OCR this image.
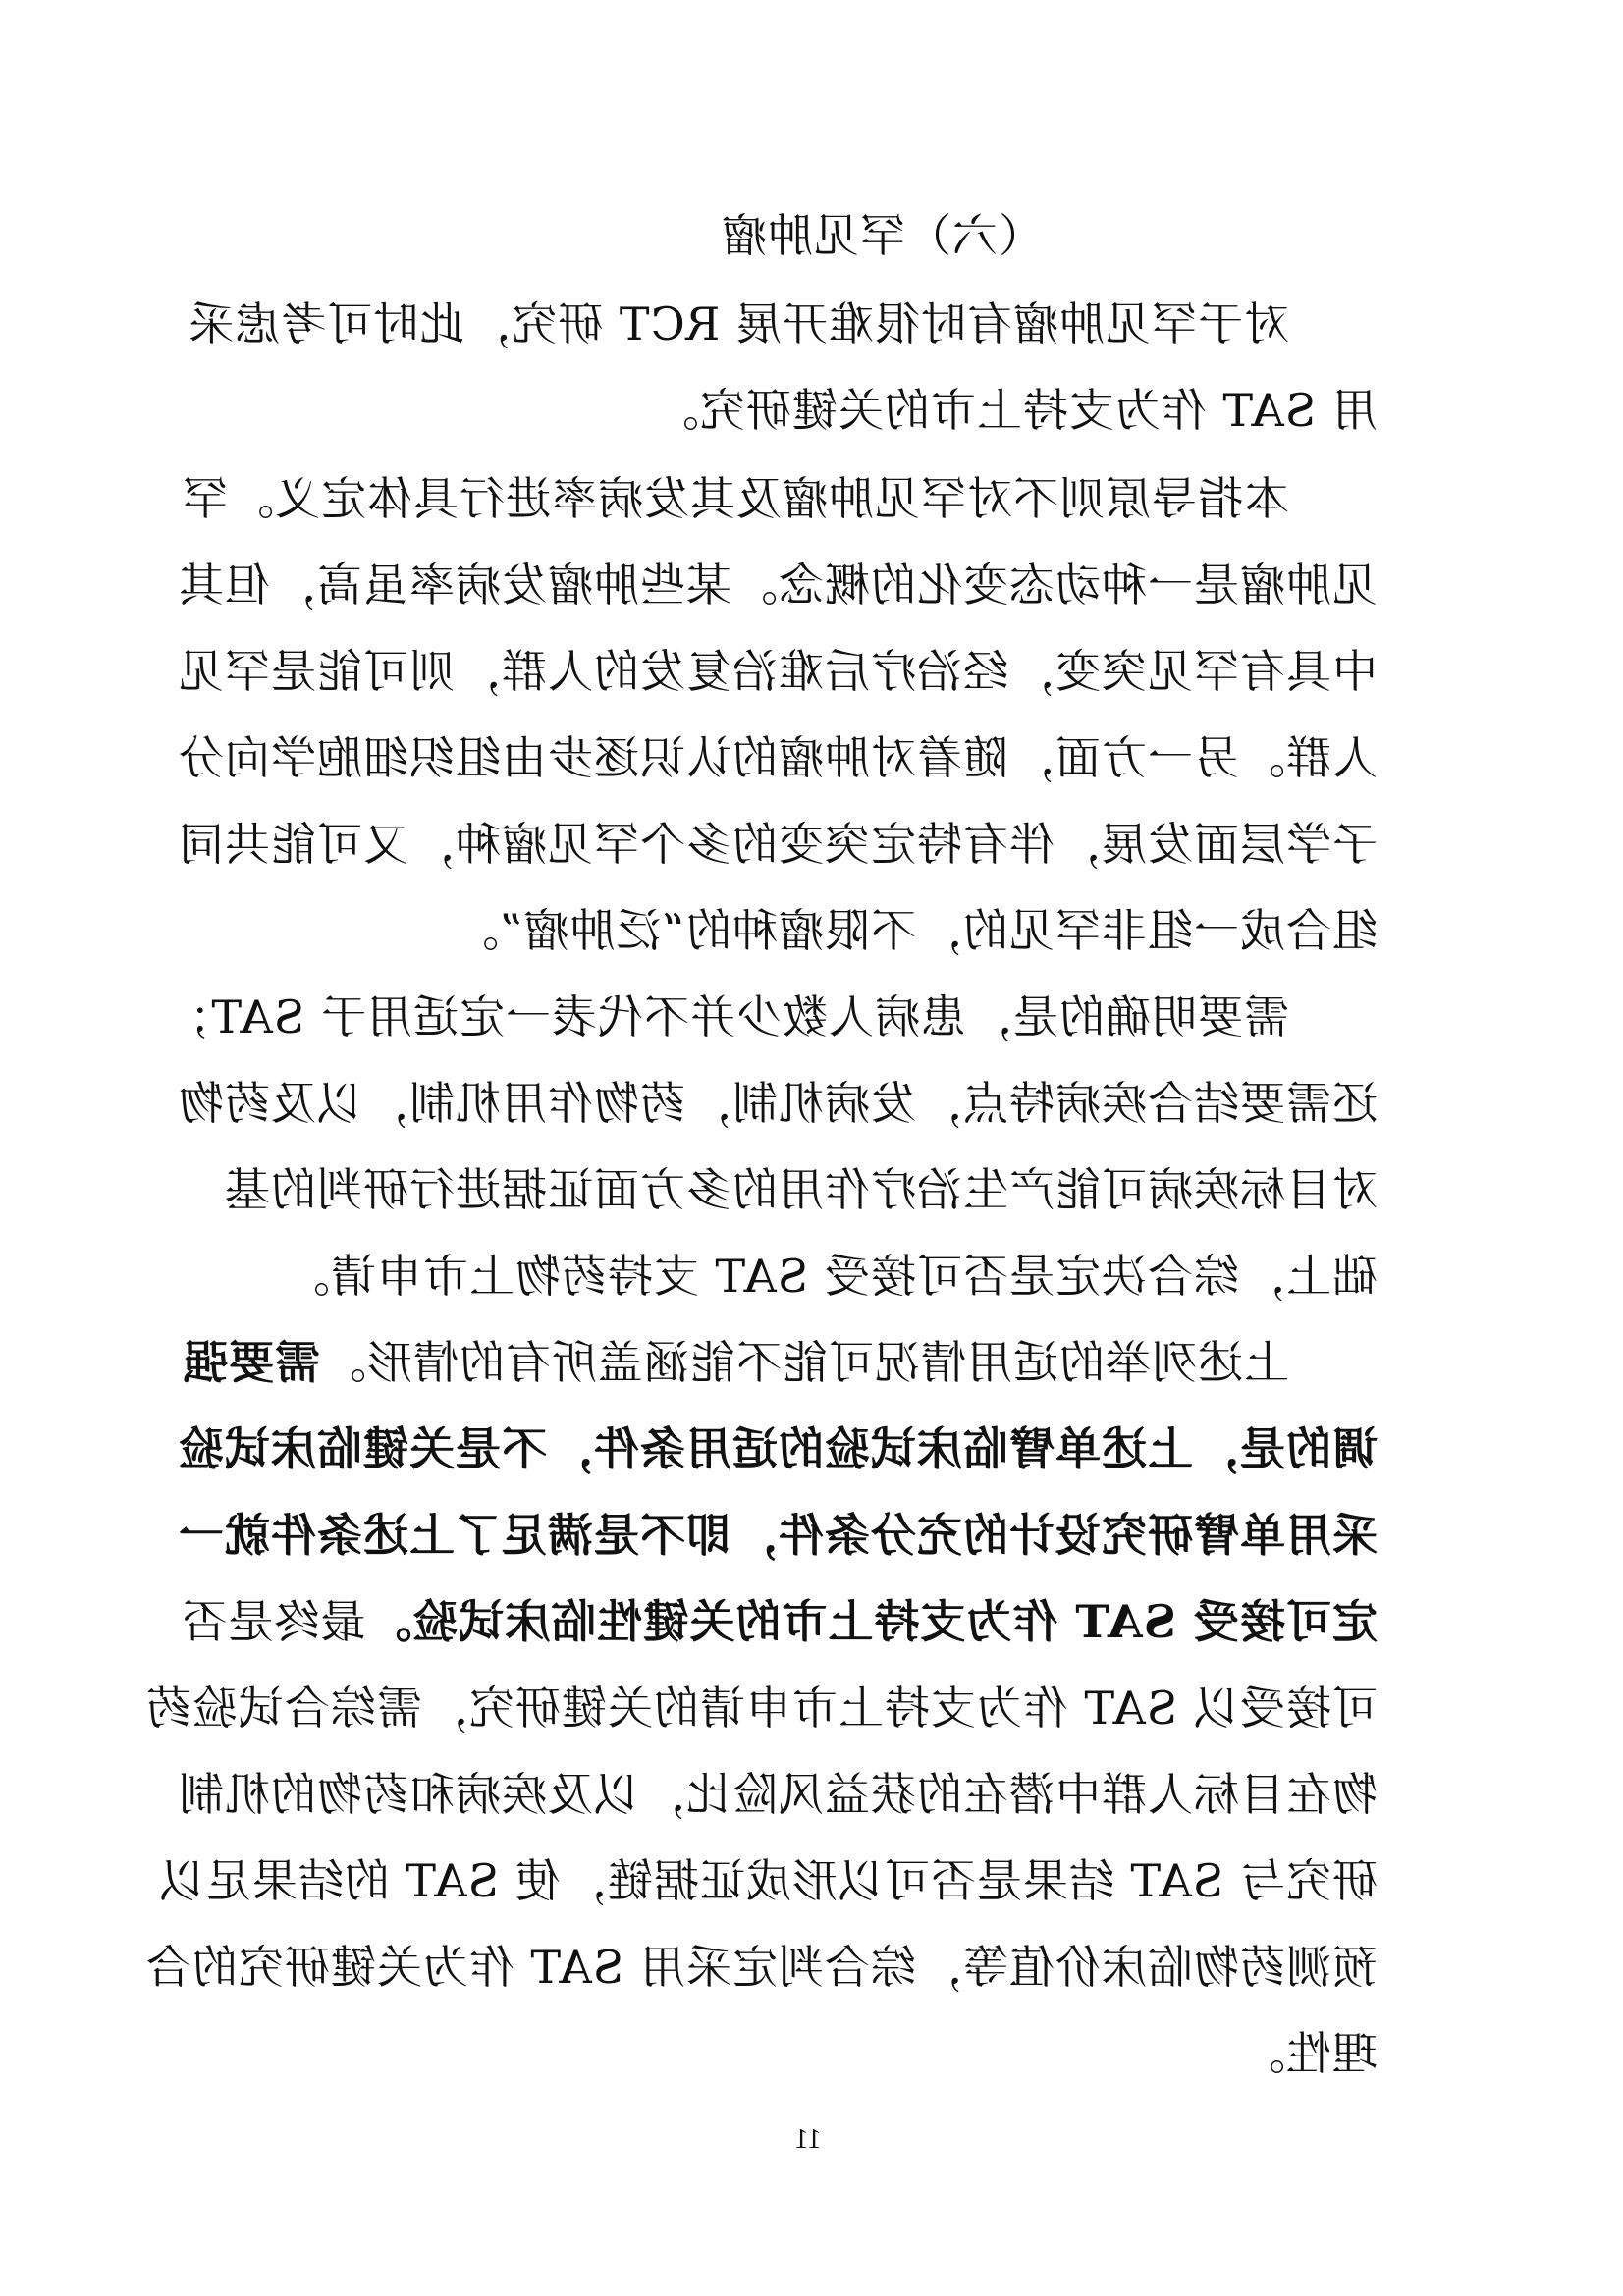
（六）罕见肿瘤
对于罕见肿瘤有时很难开展 RCT 研究，此时可考虑采
用 SAT 作为支持上市的关键研究。
本指导原则不对罕见肿瘤及其发病率进行具体定义。罕
见肿瘤是一种动态变化的概念。某些肿瘤发病率虽高，但其
中具有罕见突变，经治疗后难治复发的人群，则可能是罕见
人群。另一方面，随着对肿瘤的认识逐步由组织细胞学向分
子学层面发展，伴有特定突变的多个罕见瘤种，又可能共同
组合成一组非罕见的，不限瘤种的“泛肿瘤”。
需要明确的是，患病人数少并不代表一定适用于 SAT；
还需要结合疾病特点，发病机制，药物作用机制，以及药物
对目标疾病可能产生治疗作用的多方面证据进行研判的基
础上，综合决定是否可接受 SAT 支持药物上市申请。
上述列举的适用情况可能不能涵盖所有的情形。需要强
调的是，上述单臂临床试验的适用条件，不是关键临床试验
采用单臂研究设计的充分条件，即不是满足了上述条件就一
定可接受 SAT 作为支持上市的关键性临床试验。最终是否
可接受以 SAT 作为支持上市申请的关键研究，需综合试验药
物在目标人群中潜在的获益风险比，以及疾病和药物的机制
研究与 SAT 结果是否可以形成证据链，使 SAT 的结果足以
预测药物临床价值等，综合判定采用 SAT 作为关键研究的合
理性。
11
